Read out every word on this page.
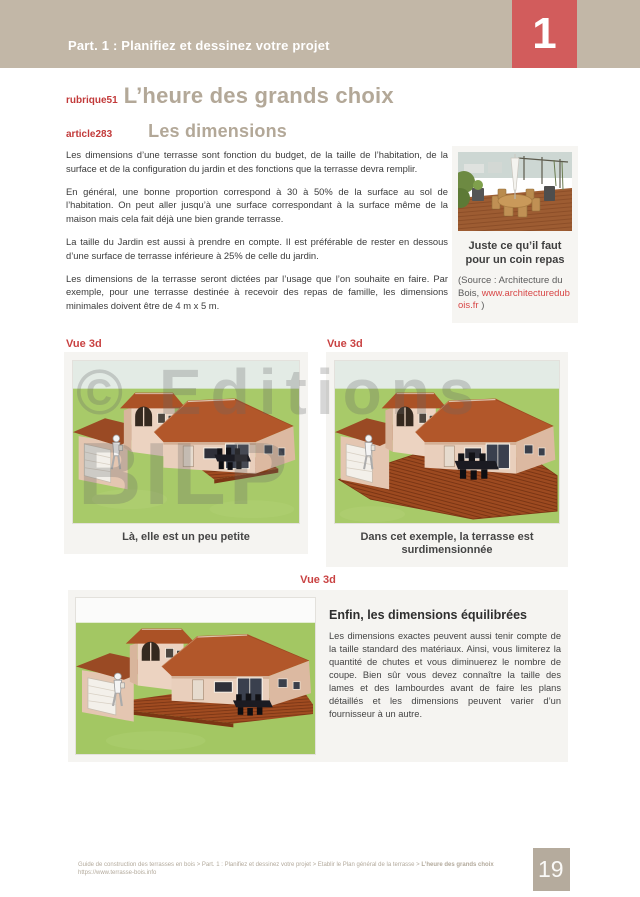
Part. 1 : Planifiez et dessinez votre projet	1
rubrique51 L’heure des grands choix
article283 Les dimensions

Les dimensions d’une terrasse sont fonction du budget, de la taille de l’habitation, de la surface et de la configuration du jardin et des fonctions que la terrasse devra remplir.

En général, une bonne proportion correspond à 30 à 50% de la surface au sol de l’habitation. On peut aller jusqu’à une surface correspondant à la surface même de la maison mais cela fait déjà une bien grande terrasse.

La taille du Jardin est aussi à prendre en compte. Il est préférable de rester en dessous d’une surface de terrasse inférieure à 25% de celle du jardin.

Les dimensions de la terrasse seront dictées par l’usage que l’on souhaite en faire. Par exemple, pour une terrasse destinée à recevoir des repas de famille, les dimensions minimales doivent être de 4 m x 5 m.

Juste ce qu’il faut pour un coin repas
(Source : Architecture du Bois, www.architecturedubois.fr )
Vue 3d	Vue 3d
Là, elle est un peu petite	Dans cet exemple, la terrasse est surdimensionnée
Vue 3d
Enfin, les dimensions équilibrées
Les dimensions exactes peuvent aussi tenir compte de la taille standard des matériaux. Ainsi, vous limiterez la quantité de chutes et vous diminuerez le nombre de coupe. Bien sûr vous devez connaître la taille des lames et des lambourdes avant de faire les plans détaillés et les dimensions peuvent varier d’un fournisseur à un autre.
© Editions
BILP
Guide de construction des terrasses en bois > Part. 1 : Planifiez et dessinez votre projet > Etablir le Plan général de la terrasse > L’heure des grands choix
https://www.terrasse-bois.info	19
